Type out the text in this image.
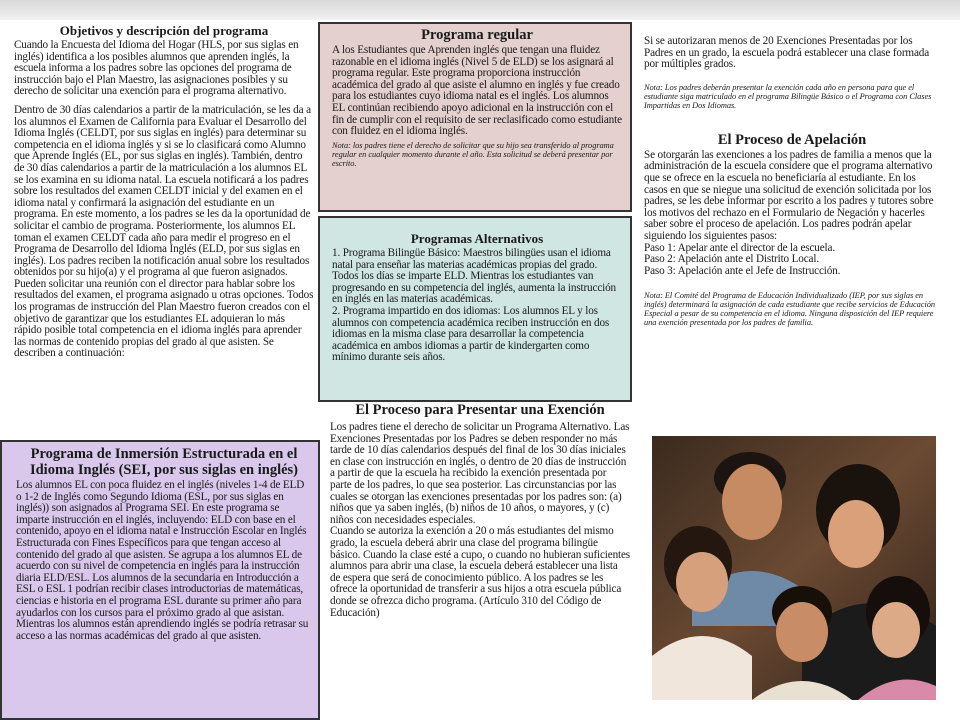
Objetivos y descripción del programa

Cuando la Encuesta del Idioma del Hogar (HLS, por sus siglas en inglés) identifica a los posibles alumnos que aprenden inglés, la escuela informa a los padres sobre las opciones del programa de instrucción bajo el Plan Maestro, las asignaciones posibles y su derecho de solicitar una exención para el programa alternativo.

Dentro de 30 días calendarios a partir de la matriculación, se les da a los alumnos el Examen de California para Evaluar el Desarrollo del Idioma Inglés (CELDT, por sus siglas en inglés) para determinar su competencia en el idioma inglés y si se lo clasificará como Alumno que Aprende Inglés (EL, por sus siglas en inglés). También, dentro de 30 días calendarios a partir de la matriculación a los alumnos EL se los examina en su idioma natal. La escuela notificará a los padres sobre los resultados del examen CELDT inicial y del examen en el idioma natal y confirmará la asignación del estudiante en un programa. En este momento, a los padres se les da la oportunidad de solicitar el cambio de programa. Posteriormente, los alumnos EL toman el examen CELDT cada año para medir el progreso en el Programa de Desarrollo del Idioma Inglés (ELD, por sus siglas en inglés). Los padres reciben la notificación anual sobre los resultados obtenidos por su hijo(a) y el programa al que fueron asignados. Pueden solicitar una reunión con el director para hablar sobre los resultados del examen, el programa asignado u otras opciones. Todos los programas de instrucción del Plan Maestro fueron creados con el objetivo de garantizar que los estudiantes EL adquieran lo más rápido posible total competencia en el idioma inglés para aprender las normas de contenido propias del grado al que asisten. Se describen a continuación:

Programa de Inmersión Estructurada en el Idioma Inglés (SEI, por sus siglas en inglés)

Los alumnos EL con poca fluidez en el inglés (niveles 1-4 de ELD o 1-2 de Inglés como Segundo Idioma (ESL, por sus siglas en inglés)) son asignados al Programa SEI. En este programa se imparte instrucción en el inglés, incluyendo: ELD con base en el contenido, apoyo en el idioma natal e Instrucción Escolar en Inglés Estructurada con Fines Específicos para que tengan acceso al contenido del grado al que asisten. Se agrupa a los alumnos EL de acuerdo con su nivel de competencia en inglés para la instrucción diaria ELD/ESL. Los alumnos de la secundaria en Introducción a ESL o ESL 1 podrían recibir clases introductorias de matemáticas, ciencias e historia en el programa ESL durante su primer año para ayudarlos con los cursos para el próximo grado al que asistan. Mientras los alumnos están aprendiendo inglés se podría retrasar su acceso a las normas académicas del grado al que asisten.

Programa regular

A los Estudiantes que Aprenden inglés que tengan una fluidez razonable en el idioma inglés (Nivel 5 de ELD) se los asignará al programa regular. Este programa proporciona instrucción académica del grado al que asiste el alumno en inglés y fue creado para los estudiantes cuyo idioma natal es el inglés. Los alumnos EL continúan recibiendo apoyo adicional en la instrucción con el fin de cumplir con el requisito de ser reclasificado como estudiante con fluidez en el idioma inglés.

Nota: los padres tiene el derecho de solicitar que su hijo sea transferido al programa regular en cualquier momento durante el año. Esta solicitud se deberá presentar por escrito.

Programas Alternativos

1. Programa Bilingüe Básico: Maestros bilingües usan el idioma natal para enseñar las materias académicas propias del grado. Todos los días se imparte ELD. Mientras los estudiantes van progresando en su competencia del inglés, aumenta la instrucción en inglés en las materias académicas.

2. Programa impartido en dos idiomas: Los alumnos EL y los alumnos con competencia académica reciben instrucción en dos idiomas en la misma clase para desarrollar la competencia académica en ambos idiomas a partir de kindergarten como mínimo durante seis años.

El Proceso para Presentar una Exención

Los padres tiene el derecho de solicitar un Programa Alternativo. Las Exenciones Presentadas por los Padres se deben responder no más tarde de 10 días calendarios después del final de los 30 días iniciales en clase con instrucción en inglés, o dentro de 20 días de instrucción a partir de que la escuela ha recibido la exención presentada por parte de los padres, lo que sea posterior. Las circunstancias por las cuales se otorgan las exenciones presentadas por los padres son: (a) niños que ya saben inglés, (b) niños de 10 años, o mayores, y (c) niños con necesidades especiales.

Cuando se autoriza la exención a 20 o más estudiantes del mismo grado, la escuela deberá abrir una clase del programa bilingüe básico. Cuando la clase esté a cupo, o cuando no hubieran suficientes alumnos para abrir una clase, la escuela deberá establecer una lista de espera que será de conocimiento público. A los padres se les ofrece la oportunidad de transferir a sus hijos a otra escuela pública donde se ofrezca dicho programa. (Artículo 310 del Código de Educación)

Si se autorizaran menos de 20 Exenciones Presentadas por los Padres en un grado, la escuela podrá establecer una clase formada por múltiples grados.

Nota: Los padres deberán presentar la exención cada año en persona para que el estudiante siga matriculado en el programa Bilingüe Básico o el Programa con Clases Impartidas en Dos Idiomas.

El Proceso de Apelación

Se otorgarán las exenciones a los padres de familia a menos que la administración de la escuela considere que el programa alternativo que se ofrece en la escuela no beneficiaría al estudiante. En los casos en que se niegue una solicitud de exención solicitada por los padres, se les debe informar por escrito a los padres y tutores sobre los motivos del rechazo en el Formulario de Negación y hacerles saber sobre el proceso de apelación. Los padres podrán apelar siguiendo los siguientes pasos:

Paso 1: Apelar ante el director de la escuela.

Paso 2: Apelación ante el Distrito Local.

Paso 3: Apelación ante el Jefe de Instrucción.

Nota: El Comité del Programa de Educación Individualizado (IEP, por sus siglas en inglés) determinará la asignación de cada estudiante que recibe servicios de Educación Especial a pesar de su competencia en el idioma. Ninguna disposición del IEP requiere una exención presentada por los padres de familia.
